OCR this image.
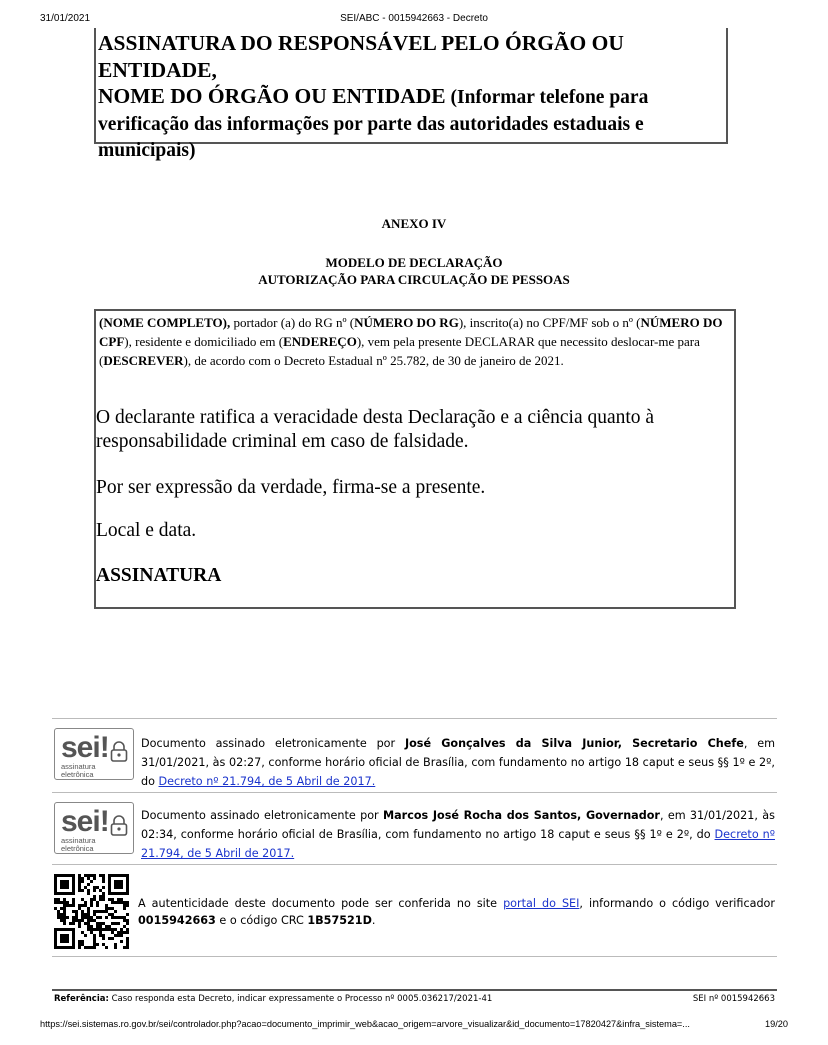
31/01/2021	SEI/ABC - 0015942663 - Decreto
ASSINATURA DO RESPONSÁVEL PELO ÓRGÃO OU ENTIDADE,
NOME DO ÓRGÃO OU ENTIDADE (Informar telefone para
verificação das informações por parte das autoridades estaduais e
municipais)
ANEXO IV
MODELO DE DECLARAÇÃO
AUTORIZAÇÃO PARA CIRCULAÇÃO DE PESSOAS
(NOME COMPLETO), portador (a) do RG nº (NÚMERO DO RG), inscrito(a) no CPF/MF sob o nº (NÚMERO DO CPF), residente e domiciliado em (ENDEREÇO), vem pela presente DECLARAR que necessito deslocar-me para (DESCREVER), de acordo com o Decreto Estadual nº 25.782, de 30 de janeiro de 2021.
O declarante ratifica a veracidade desta Declaração e a ciência quanto à responsabilidade criminal em caso de falsidade.
Por ser expressão da verdade, firma-se a presente.
Local e data.
ASSINATURA
sei!
assinatura
eletrônica
Documento assinado eletronicamente por José Gonçalves da Silva Junior, Secretario Chefe, em 31/01/2021, às 02:27, conforme horário oficial de Brasília, com fundamento no artigo 18 caput e seus §§ 1º e 2º, do Decreto nº 21.794, de 5 Abril de 2017.
sei!
assinatura
eletrônica
Documento assinado eletronicamente por Marcos José Rocha dos Santos, Governador, em 31/01/2021, às 02:34, conforme horário oficial de Brasília, com fundamento no artigo 18 caput e seus §§ 1º e 2º, do Decreto nº 21.794, de 5 Abril de 2017.
A autenticidade deste documento pode ser conferida no site portal do SEI, informando o código verificador 0015942663 e o código CRC 1B57521D.
Referência: Caso responda esta Decreto, indicar expressamente o Processo nº 0005.036217/2021-41	SEI nº 0015942663
https://sei.sistemas.ro.gov.br/sei/controlador.php?acao=documento_imprimir_web&acao_origem=arvore_visualizar&id_documento=17820427&infra_sistema=...	19/20
